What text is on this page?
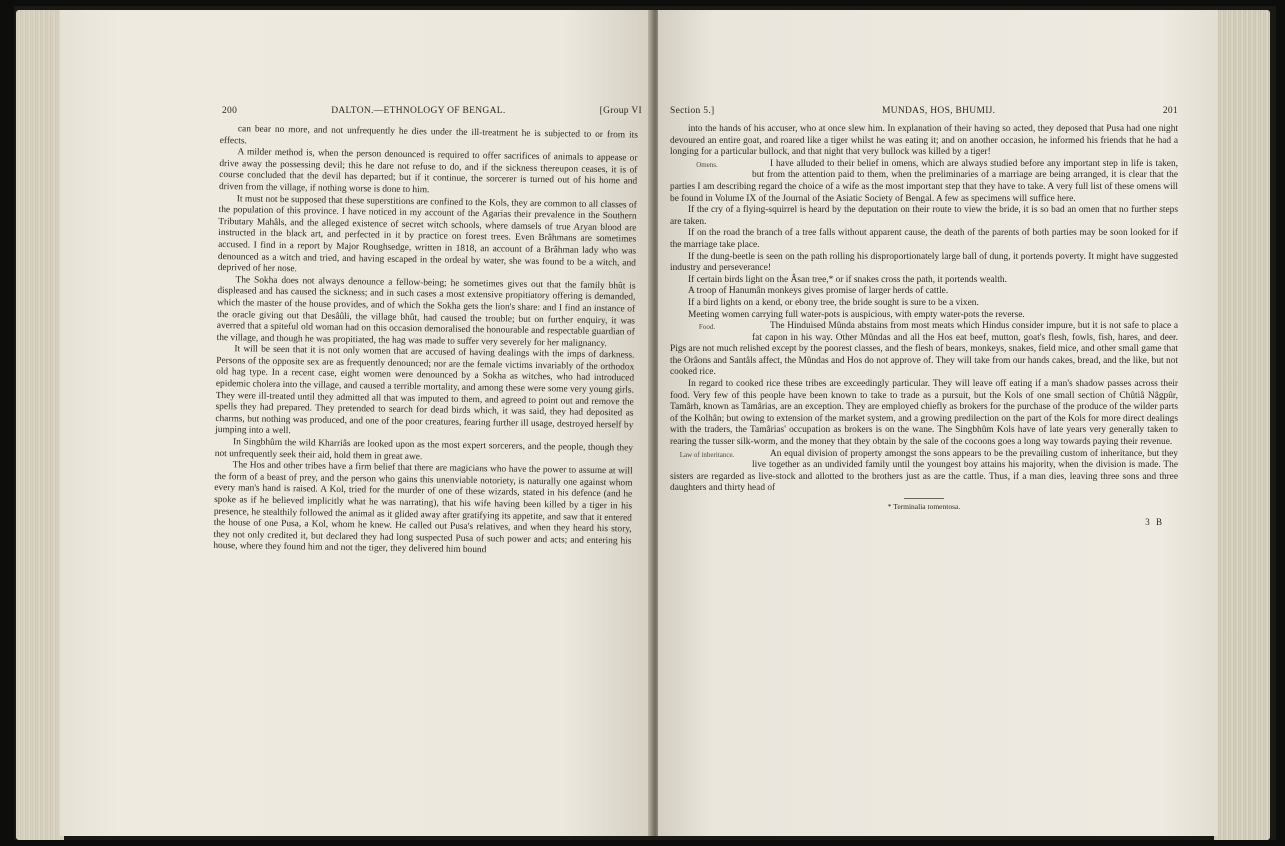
200	DALTON.—ETHNOLOGY OF BENGAL.	[Group VI

can bear no more, and not unfrequently he dies under the ill-treatment he is subjected to or from its effects.

A milder method is, when the person denounced is required to offer sacrifices of animals to appease or drive away the possessing devil; this he dare not refuse to do, and if the sickness thereupon ceases, it is of course concluded that the devil has departed; but if it continue, the sorcerer is turned out of his home and driven from the village, if nothing worse is done to him.

It must not be supposed that these superstitions are confined to the Kols, they are common to all classes of the population of this province. I have noticed in my account of the Agarias their prevalence in the Southern Tributary Mahâls, and the alleged existence of secret witch schools, where damsels of true Aryan blood are instructed in the black art, and perfected in it by practice on forest trees. Even Brâhmans are sometimes accused. I find in a report by Major Roughsedge, written in 1818, an account of a Brâhman lady who was denounced as a witch and tried, and having escaped in the ordeal by water, she was found to be a witch, and deprived of her nose.

The Sokha does not always denounce a fellow-being; he sometimes gives out that the family bhût is displeased and has caused the sickness; and in such cases a most extensive propitiatory offering is demanded, which the master of the house provides, and of which the Sokha gets the lion's share: and I find an instance of the oracle giving out that Desâûli, the village bhût, had caused the trouble; but on further enquiry, it was averred that a spiteful old woman had on this occasion demoralised the honourable and respectable guardian of the village, and though he was propitiated, the hag was made to suffer very severely for her malignancy.

It will be seen that it is not only women that are accused of having dealings with the imps of darkness. Persons of the opposite sex are as frequently denounced; nor are the female victims invariably of the orthodox old hag type. In a recent case, eight women were denounced by a Sokha as witches, who had introduced epidemic cholera into the village, and caused a terrible mortality, and among these were some very young girls. They were ill-treated until they admitted all that was imputed to them, and agreed to point out and remove the spells they had prepared. They pretended to search for dead birds which, it was said, they had deposited as charms, but nothing was produced, and one of the poor creatures, fearing further ill usage, destroyed herself by jumping into a well.

In Singbhûm the wild Kharriâs are looked upon as the most expert sorcerers, and the people, though they not unfrequently seek their aid, hold them in great awe.

The Hos and other tribes have a firm belief that there are magicians who have the power to assume at will the form of a beast of prey, and the person who gains this unenviable notoriety, is naturally one against whom every man's hand is raised. A Kol, tried for the murder of one of these wizards, stated in his defence (and he spoke as if he believed implicitly what he was narrating), that his wife having been killed by a tiger in his presence, he stealthily followed the animal as it glided away after gratifying its appetite, and saw that it entered the house of one Pusa, a Kol, whom he knew. He called out Pusa's relatives, and when they heard his story, they not only credited it, but declared they had long suspected Pusa of such power and acts; and entering his house, where they found him and not the tiger, they delivered him bound

Section 5.]	MUNDAS, HOS, BHUMIJ.	201

into the hands of his accuser, who at once slew him. In explanation of their having so acted, they deposed that Pusa had one night devoured an entire goat, and roared like a tiger whilst he was eating it; and on another occasion, he informed his friends that he had a longing for a particular bullock, and that night that very bullock was killed by a tiger!

Omens.	I have alluded to their belief in omens, which are always studied before any important step in life is taken, but from the attention paid to them, when the preliminaries of a marriage are being arranged, it is clear that the parties I am describing regard the choice of a wife as the most important step that they have to take. A very full list of these omens will be found in Volume IX of the Journal of the Asiatic Society of Bengal. A few as specimens will suffice here.

If the cry of a flying-squirrel is heard by the deputation on their route to view the bride, it is so bad an omen that no further steps are taken.

If on the road the branch of a tree falls without apparent cause, the death of the parents of both parties may be soon looked for if the marriage take place.

If the dung-beetle is seen on the path rolling his disproportionately large ball of dung, it portends poverty. It might have suggested industry and perseverance!

If certain birds light on the Âsan tree,* or if snakes cross the path, it portends wealth.

A troop of Hanumân monkeys gives promise of larger herds of cattle.

If a bird lights on a kend, or ebony tree, the bride sought is sure to be a vixen.

Meeting women carrying full water-pots is auspicious, with empty water-pots the reverse.

Food.	The Hinduised Mûnda abstains from most meats which Hindus consider impure, but it is not safe to place a fat capon in his way. Other Mûndas and all the Hos eat beef, mutton, goat's flesh, fowls, fish, hares, and deer. Pigs are not much relished except by the poorest classes, and the flesh of bears, monkeys, snakes, field mice, and other small game that the Orâons and Santâls affect, the Mûndas and Hos do not approve of. They will take from our hands cakes, bread, and the like, but not cooked rice.

In regard to cooked rice these tribes are exceedingly particular. They will leave off eating if a man's shadow passes across their food. Very few of this people have been known to take to trade as a pursuit, but the Kols of one small section of Chûtiâ Nâgpûr, Tamârh, known as Tamârias, are an exception. They are employed chiefly as brokers for the purchase of the produce of the wilder parts of the Kolhân; but owing to extension of the market system, and a growing predilection on the part of the Kols for more direct dealings with the traders, the Tamârias' occupation as brokers is on the wane. The Singbhûm Kols have of late years very generally taken to rearing the tusser silk-worm, and the money that they obtain by the sale of the cocoons goes a long way towards paying their revenue.

Law of inheritance.	An equal division of property amongst the sons appears to be the prevailing custom of inheritance, but they live together as an undivided family until the youngest boy attains his majority, when the division is made. The sisters are regarded as live-stock and allotted to the brothers just as are the cattle. Thus, if a man dies, leaving three sons and three daughters and thirty head of

* Terminalia tomentosa.
3 B
